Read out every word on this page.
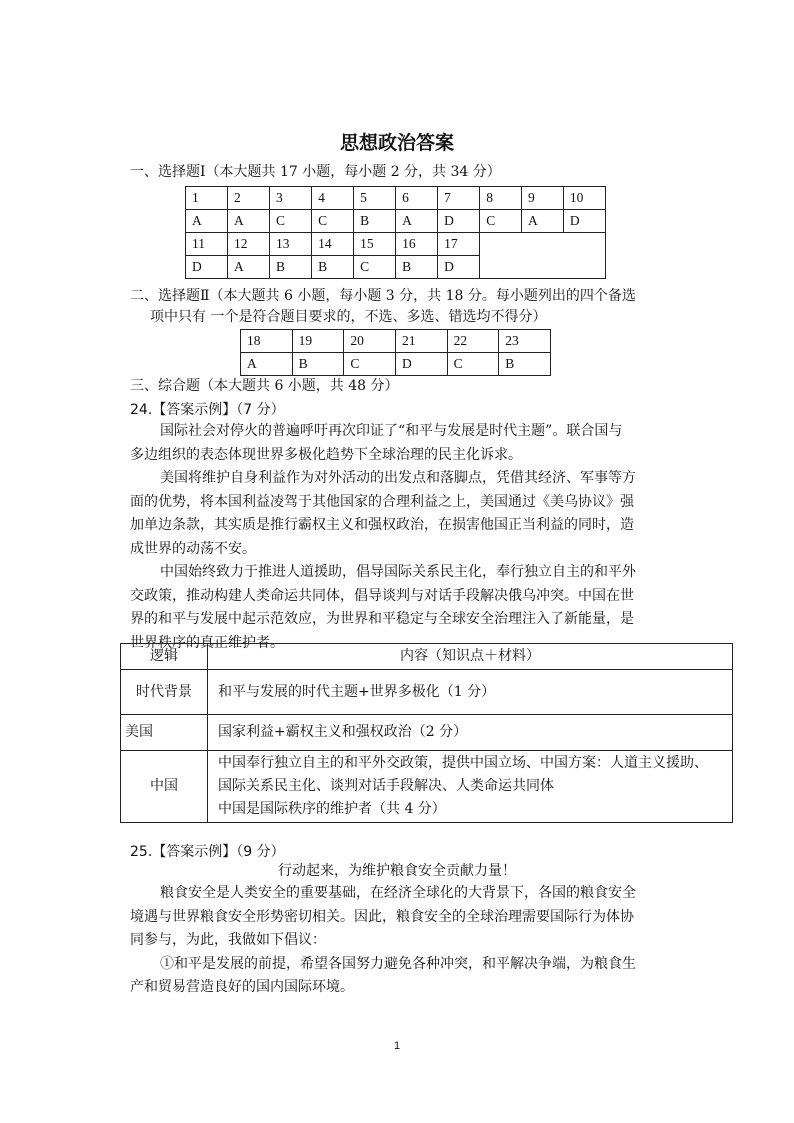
思想政治答案
一、选择题Ⅰ（本大题共 17 小题，每小题 2 分，共 34 分）
1	2	3	4	5	6	7	8	9	10
A	A	C	C	B	A	D	C	A	D
11	12	13	14	15	16	17			
D	A	B	B	C	B	D			
二、选择题Ⅱ（本大题共 6 小题，每小题 3 分，共 18 分。每小题列出的四个备选
项中只有 一个是符合题目要求的，不选、多选、错选均不得分）
18	19	20	21	22	23
A	B	C	D	C	B
三、综合题（本大题共 6 小题，共 48 分）
24.【答案示例】（7 分）
国际社会对停火的普遍呼吁再次印证了“和平与发展是时代主题”。联合国与
多边组织的表态体现世界多极化趋势下全球治理的民主化诉求。
美国将维护自身利益作为对外活动的出发点和落脚点，凭借其经济、军事等方
面的优势，将本国利益凌驾于其他国家的合理利益之上，美国通过《美乌协议》强
加单边条款，其实质是推行霸权主义和强权政治，在损害他国正当利益的同时，造
成世界的动荡不安。
中国始终致力于推进人道援助，倡导国际关系民主化，奉行独立自主的和平外
交政策，推动构建人类命运共同体，倡导谈判与对话手段解决俄乌冲突。中国在世
界的和平与发展中起示范效应，为世界和平稳定与全球安全治理注入了新能量，是
世界秩序的真正维护者。
逻辑	内容（知识点＋材料）
时代背景	和平与发展的时代主题+世界多极化（1 分）
美国	国家利益+霸权主义和强权政治（2 分）
中国	中国奉行独立自主的和平外交政策，提供中国立场、中国方案：人道主义援助、
国际关系民主化、谈判对话手段解决、人类命运共同体
中国是国际秩序的维护者（共 4 分）
25.【答案示例】（9 分）
行动起来，为维护粮食安全贡献力量！
粮食安全是人类安全的重要基础，在经济全球化的大背景下，各国的粮食安全
境遇与世界粮食安全形势密切相关。因此，粮食安全的全球治理需要国际行为体协
同参与，为此，我做如下倡议：
①和平是发展的前提，希望各国努力避免各种冲突，和平解决争端，为粮食生
产和贸易营造良好的国内国际环境。
1
